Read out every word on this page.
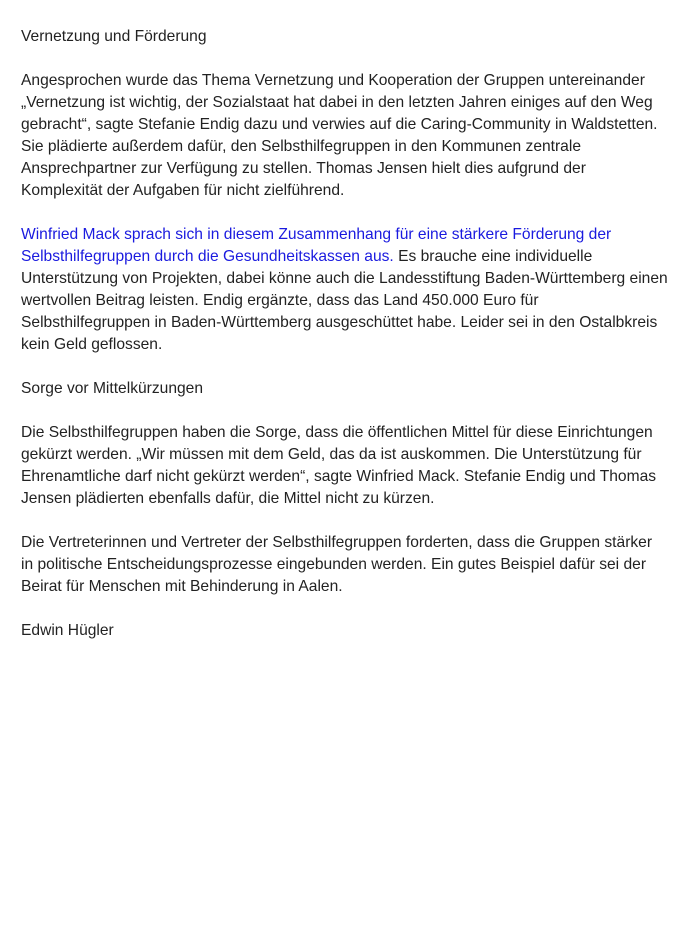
Vernetzung und Förderung

Angesprochen wurde das Thema Vernetzung und Kooperation der Gruppen untereinander
„Vernetzung ist wichtig, der Sozialstaat hat dabei in den letzten Jahren einiges auf den Weg
gebracht“, sagte Stefanie Endig dazu und verwies auf die Caring-Community in Waldstetten.
Sie plädierte außerdem dafür, den Selbsthilfegruppen in den Kommunen zentrale
Ansprechpartner zur Verfügung zu stellen. Thomas Jensen hielt dies aufgrund der
Komplexität der Aufgaben für nicht zielführend.

Winfried Mack sprach sich in diesem Zusammenhang für eine stärkere Förderung der
Selbsthilfegruppen durch die Gesundheitskassen aus. Es brauche eine individuelle
Unterstützung von Projekten, dabei könne auch die Landesstiftung Baden-Württemberg einen
wertvollen Beitrag leisten. Endig ergänzte, dass das Land 450.000 Euro für
Selbsthilfegruppen in Baden-Württemberg ausgeschüttet habe. Leider sei in den Ostalbkreis
kein Geld geflossen.

Sorge vor Mittelkürzungen

Die Selbsthilfegruppen haben die Sorge, dass die öffentlichen Mittel für diese Einrichtungen
gekürzt werden. „Wir müssen mit dem Geld, das da ist auskommen. Die Unterstützung für
Ehrenamtliche darf nicht gekürzt werden“, sagte Winfried Mack. Stefanie Endig und Thomas
Jensen plädierten ebenfalls dafür, die Mittel nicht zu kürzen.

Die Vertreterinnen und Vertreter der Selbsthilfegruppen forderten, dass die Gruppen stärker
in politische Entscheidungsprozesse eingebunden werden. Ein gutes Beispiel dafür sei der
Beirat für Menschen mit Behinderung in Aalen.

Edwin Hügler
